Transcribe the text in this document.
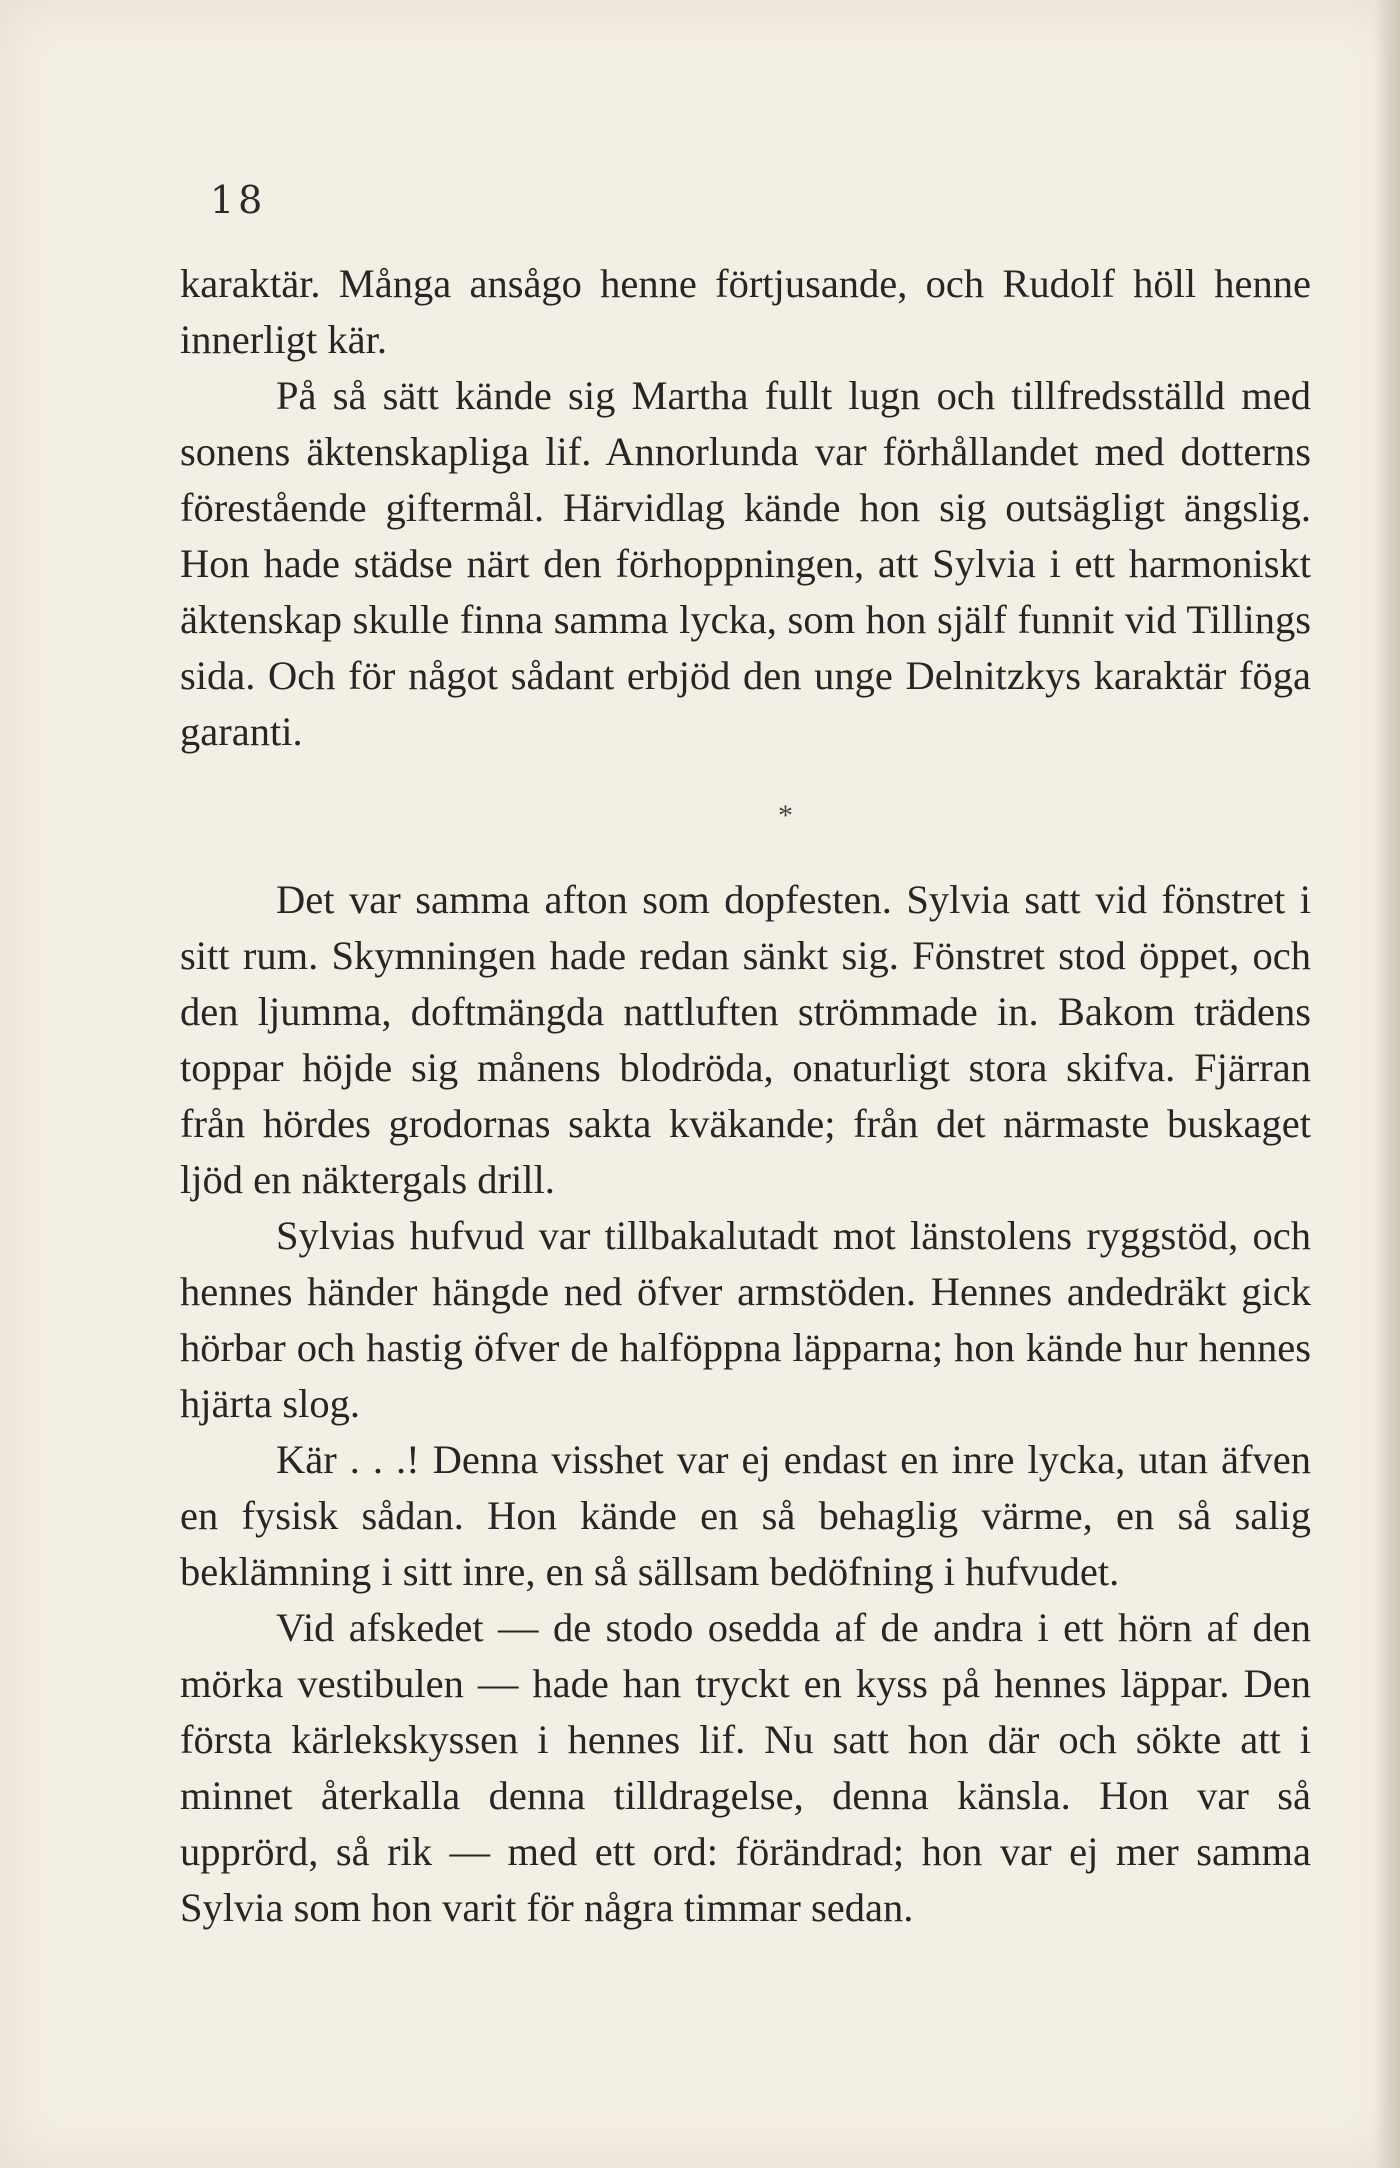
18

karaktär. Många ansågo henne förtjusande, och Rudolf höll henne innerligt kär.

På så sätt kände sig Martha fullt lugn och tillfredsställd med sonens äktenskapliga lif. Annorlunda var förhållandet med dotterns förestående giftermål. Härvidlag kände hon sig outsägligt ängslig. Hon hade städse närt den förhoppningen, att Sylvia i ett harmoniskt äktenskap skulle finna samma lycka, som hon själf funnit vid Tillings sida. Och för något sådant erbjöd den unge Delnitzkys karaktär föga garanti.

*

Det var samma afton som dopfesten. Sylvia satt vid fönstret i sitt rum. Skymningen hade redan sänkt sig. Fönstret stod öppet, och den ljumma, doftmängda nattluften strömmade in. Bakom trädens toppar höjde sig månens blodröda, onaturligt stora skifva. Fjärran från hördes grodornas sakta kväkande; från det närmaste buskaget ljöd en näktergals drill.

Sylvias hufvud var tillbakalutadt mot länstolens ryggstöd, och hennes händer hängde ned öfver armstöden. Hennes andedräkt gick hörbar och hastig öfver de halföppna läpparna; hon kände hur hennes hjärta slog.

Kär . . .! Denna visshet var ej endast en inre lycka, utan äfven en fysisk sådan. Hon kände en så behaglig värme, en så salig beklämning i sitt inre, en så sällsam bedöfning i hufvudet.

Vid afskedet — de stodo osedda af de andra i ett hörn af den mörka vestibulen — hade han tryckt en kyss på hennes läppar. Den första kärlekskyssen i hennes lif. Nu satt hon där och sökte att i minnet återkalla denna tilldragelse, denna känsla. Hon var så upprörd, så rik — med ett ord: förändrad; hon var ej mer samma Sylvia som hon varit för några timmar sedan.
